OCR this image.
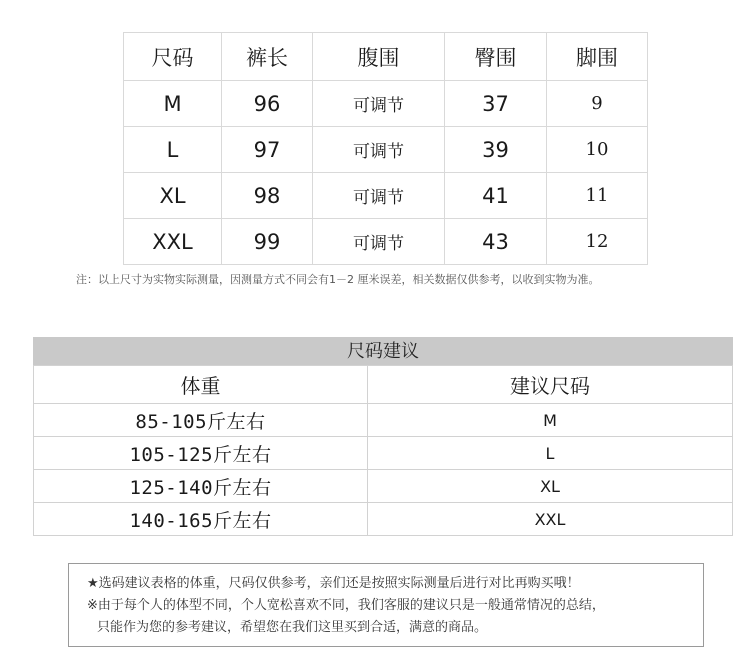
尺码	裤长	腹围	臀围	脚围
M	96	可调节	37	9
L	97	可调节	39	10
XL	98	可调节	41	11
XXL	99	可调节	43	12
注：以上尺寸为实物实际测量，因测量方式不同会有1－2 厘米误差，相关数据仅供参考，以收到实物为准。
尺码建议
体重	建议尺码
85-105斤左右	M
105-125斤左右	L
125-140斤左右	XL
140-165斤左右	XXL
★选码建议表格的体重，尺码仅供参考，亲们还是按照实际测量后进行对比再购买哦！
※由于每个人的体型不同，个人宽松喜欢不同，我们客服的建议只是一般通常情况的总结，
只能作为您的参考建议，希望您在我们这里买到合适，满意的商品。
